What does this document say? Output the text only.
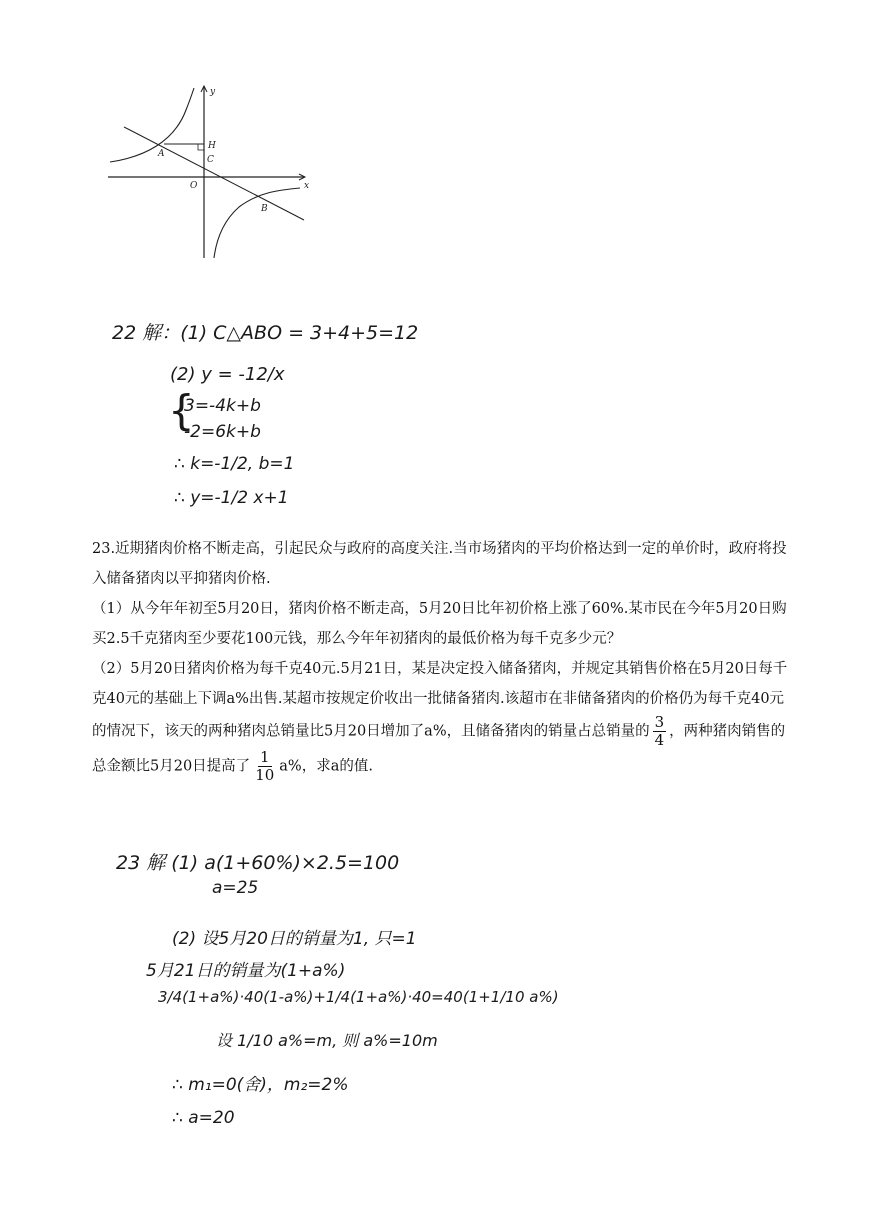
y
x
A
H
C
O
B
22 解：(1) C△ABO = 3+4+5=12
(2) y = -12/x
{
3=-4k+b
-2=6k+b
∴ k=-1/2, b=1
∴ y=-1/2 x+1

23.近期猪肉价格不断走高，引起民众与政府的高度关注.当市场猪肉的平均价格达到一定的单价时，政府将投入储备猪肉以平抑猪肉价格.

（1）从今年年初至5月20日，猪肉价格不断走高，5月20日比年初价格上涨了60%.某市民在今年5月20日购买2.5千克猪肉至少要花100元钱，那么今年年初猪肉的最低价格为每千克多少元？

（2）5月20日猪肉价格为每千克40元.5月21日，某是决定投入储备猪肉，并规定其销售价格在5月20日每千克40元的基础上下调a%出售.某超市按规定价收出一批储备猪肉.该超市在非储备猪肉的价格仍为每千克40元的情况下，该天的两种猪肉总销量比5月20日增加了a%，且储备猪肉的销量占总销量的 $\frac{3}{4}$ ，两种猪肉销售的总金额比5月20日提高了 $\frac{1}{10} a\%$，求a的值.

23 解 (1) a(1+60%)×2.5=100
a=25
(2) 设5月20日的销量为1, 只=1
5月21日的销量为(1+a%)
3/4(1+a%)·40(1-a%)+1/4(1+a%)·40=40(1+1/10 a%)
设 1/10 a%=m, 则 a%=10m
∴ m₁=0(舍)，m₂=2%
∴ a=20
